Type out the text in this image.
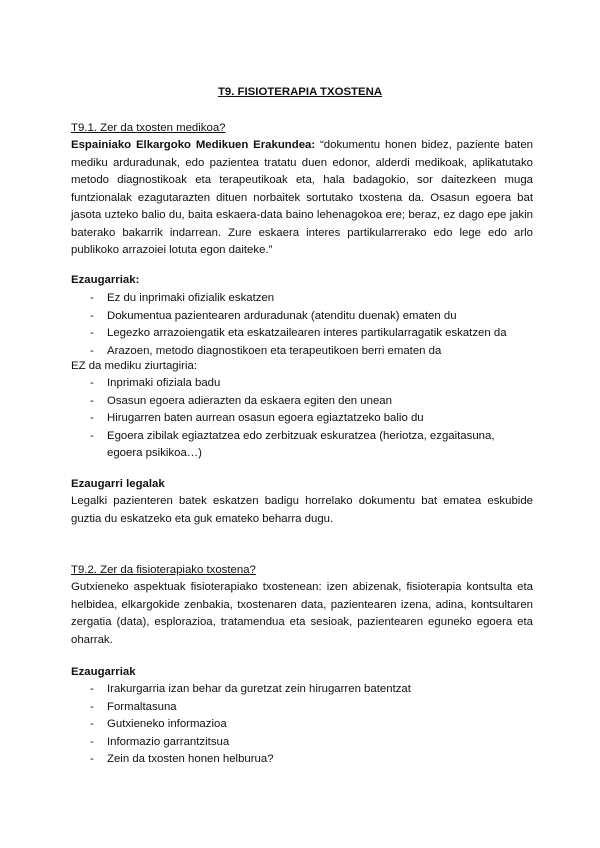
T9. FISIOTERAPIA TXOSTENA
T9.1. Zer da txosten medikoa?

Espainiako Elkargoko Medikuen Erakundea: “dokumentu honen bidez, paziente baten mediku arduradunak, edo pazientea tratatu duen edonor, alderdi medikoak, aplikatutako metodo diagnostikoak eta terapeutikoak eta, hala badagokio, sor daitezkeen muga funtzionalak ezagutarazten dituen norbaitek sortutako txostena da. Osasun egoera bat jasota uzteko balio du, baita eskaera-data baino lehenagokoa ere; beraz, ez dago epe jakin baterako bakarrik indarrean. Zure eskaera interes partikularrerako edo lege edo arlo publikoko arrazoiei lotuta egon daiteke.”

Ezaugarriak:
- Ez du inprimaki ofizialik eskatzen
- Dokumentua pazientearen arduradunak (atenditu duenak) ematen du
- Legezko arrazoiengatik eta eskatzailearen interes partikularragatik eskatzen da
- Arazoen, metodo diagnostikoen eta terapeutikoen berri ematen da
EZ da mediku ziurtagiria:
- Inprimaki ofiziala badu
- Osasun egoera adierazten da eskaera egiten den unean
- Hirugarren baten aurrean osasun egoera egiaztatzeko balio du
- Egoera zibilak egiaztatzea edo zerbitzuak eskuratzea (heriotza, ezgaitasuna, egoera psikikoa…)
Ezaugarri legalak
Legalki pazienteren batek eskatzen badigu horrelako dokumentu bat ematea eskubide guztia du eskatzeko eta guk emateko beharra dugu.
T9.2. Zer da fisioterapiako txostena?
Gutxieneko aspektuak fisioterapiako txostenean: izen abizenak, fisioterapia kontsulta eta helbidea, elkargokide zenbakia, txostenaren data, pazientearen izena, adina, kontsultaren zergatia (data), esplorazioa, tratamendua eta sesioak, pazientearen eguneko egoera eta oharrak.
Ezaugarriak
- Irakurgarria izan behar da guretzat zein hirugarren batentzat
- Formaltasuna
- Gutxieneko informazioa
- Informazio garrantzitsua
- Zein da txosten honen helburua?
